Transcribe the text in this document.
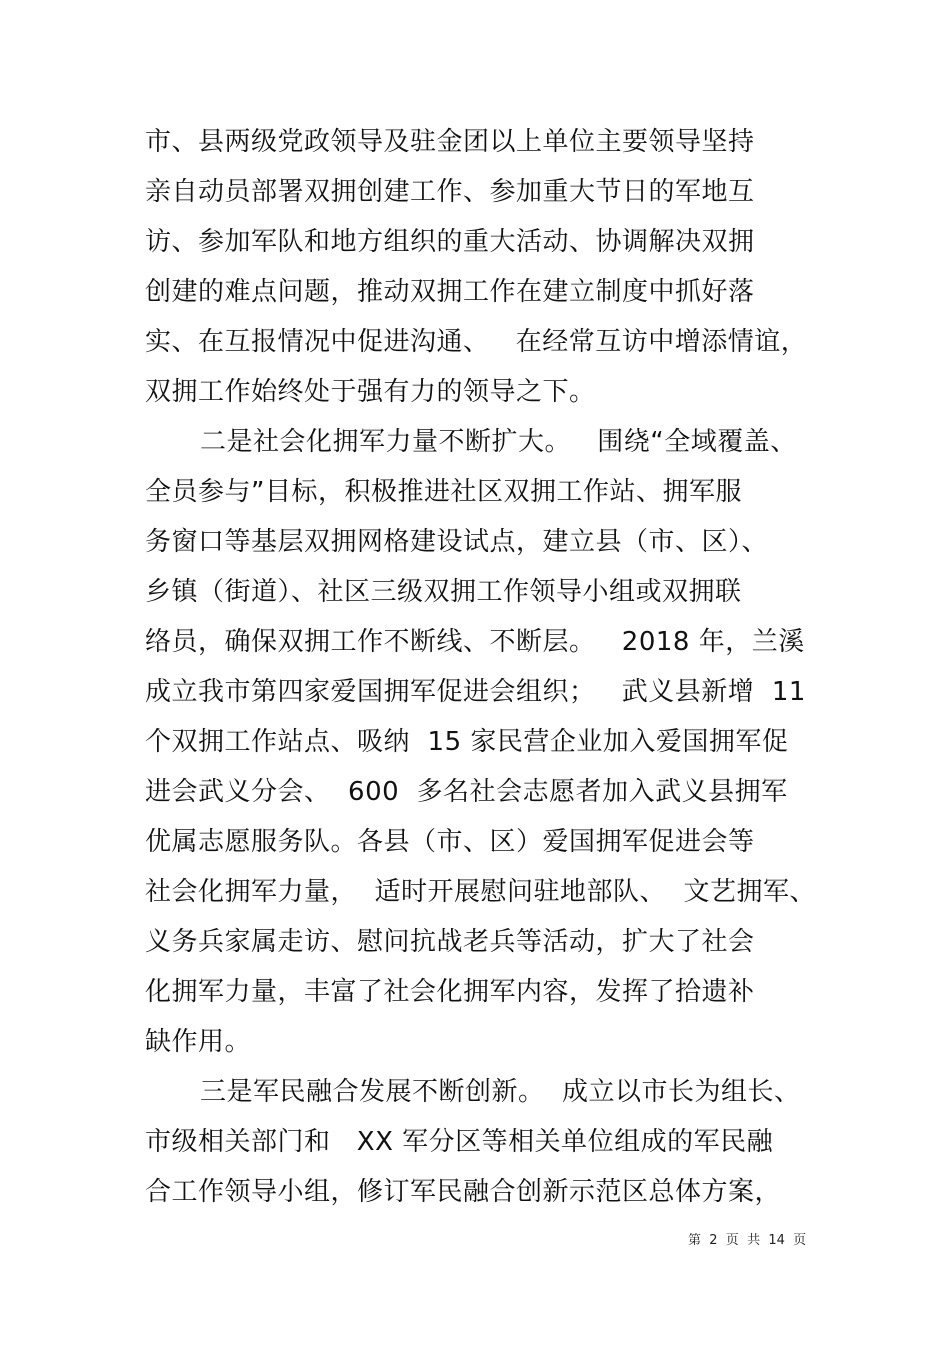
市、县两级党政领导及驻金团以上单位主要领导坚持
亲自动员部署双拥创建工作、参加重大节日的军地互
访、参加军队和地方组织的重大活动、协调解决双拥
创建的难点问题，推动双拥工作在建立制度中抓好落
实、在互报情况中促进沟通、   在经常互访中增添情谊，
双拥工作始终处于强有力的领导之下。
二是社会化拥军力量不断扩大。   围绕“全域覆盖、
全员参与”目标，积极推进社区双拥工作站、拥军服
务窗口等基层双拥网格建设试点，建立县（市、区）、
乡镇（街道）、社区三级双拥工作领导小组或双拥联
络员，确保双拥工作不断线、不断层。   2018 年，兰溪
成立我市第四家爱国拥军促进会组织；   武义县新增  11
个双拥工作站点、吸纳  15 家民营企业加入爱国拥军促
进会武义分会、  600  多名社会志愿者加入武义县拥军
优属志愿服务队。各县（市、区）爱国拥军促进会等
社会化拥军力量，  适时开展慰问驻地部队、  文艺拥军、
义务兵家属走访、慰问抗战老兵等活动，扩大了社会
化拥军力量，丰富了社会化拥军内容，发挥了拾遗补
缺作用。
三是军民融合发展不断创新。  成立以市长为组长、
市级相关部门和   XX 军分区等相关单位组成的军民融
合工作领导小组，修订军民融合创新示范区总体方案，
第  2  页  共  14  页
